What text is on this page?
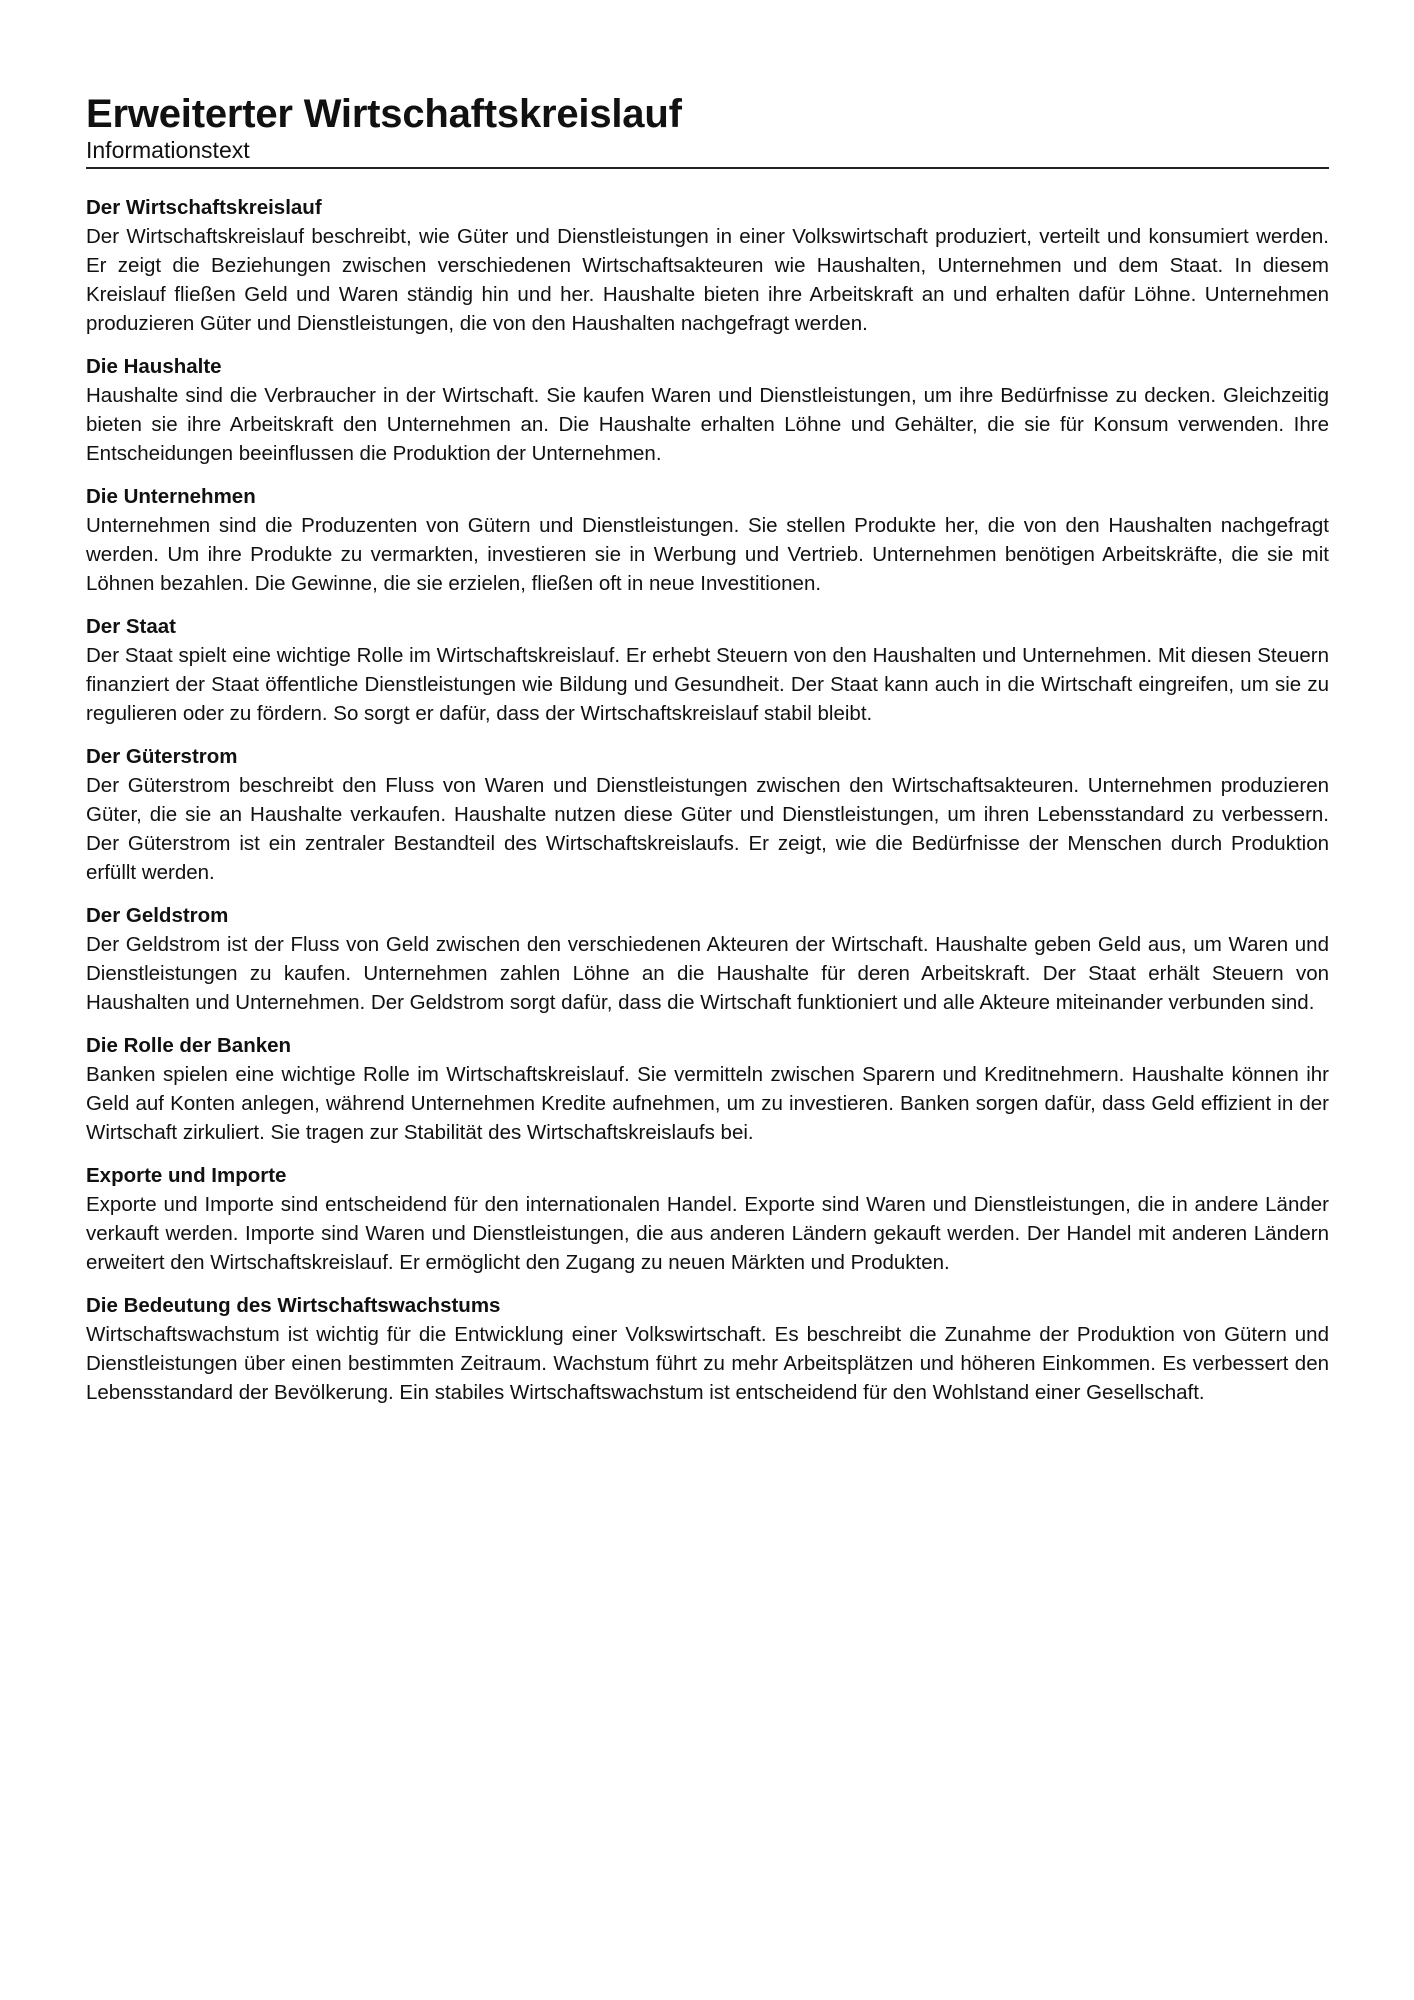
Erweiterter Wirtschaftskreislauf

Informationstext

Der Wirtschaftskreislauf

Der Wirtschaftskreislauf beschreibt, wie Güter und Dienstleistungen in einer Volkswirtschaft produziert, verteilt und konsumiert werden. Er zeigt die Beziehungen zwischen verschiedenen Wirtschaftsakteuren wie Haushalten, Unternehmen und dem Staat. In diesem Kreislauf fließen Geld und Waren ständig hin und her. Haushalte bieten ihre Arbeitskraft an und erhalten dafür Löhne. Unternehmen produzieren Güter und Dienstleistungen, die von den Haushalten nachgefragt werden.

Die Haushalte

Haushalte sind die Verbraucher in der Wirtschaft. Sie kaufen Waren und Dienstleistungen, um ihre Bedürfnisse zu decken. Gleichzeitig bieten sie ihre Arbeitskraft den Unternehmen an. Die Haushalte erhalten Löhne und Gehälter, die sie für Konsum verwenden. Ihre Entscheidungen beeinflussen die Produktion der Unternehmen.

Die Unternehmen

Unternehmen sind die Produzenten von Gütern und Dienstleistungen. Sie stellen Produkte her, die von den Haushalten nachgefragt werden. Um ihre Produkte zu vermarkten, investieren sie in Werbung und Vertrieb. Unternehmen benötigen Arbeitskräfte, die sie mit Löhnen bezahlen. Die Gewinne, die sie erzielen, fließen oft in neue Investitionen.

Der Staat

Der Staat spielt eine wichtige Rolle im Wirtschaftskreislauf. Er erhebt Steuern von den Haushalten und Unternehmen. Mit diesen Steuern finanziert der Staat öffentliche Dienstleistungen wie Bildung und Gesundheit. Der Staat kann auch in die Wirtschaft eingreifen, um sie zu regulieren oder zu fördern. So sorgt er dafür, dass der Wirtschaftskreislauf stabil bleibt.

Der Güterstrom

Der Güterstrom beschreibt den Fluss von Waren und Dienstleistungen zwischen den Wirtschaftsakteuren. Unternehmen produzieren Güter, die sie an Haushalte verkaufen. Haushalte nutzen diese Güter und Dienstleistungen, um ihren Lebensstandard zu verbessern. Der Güterstrom ist ein zentraler Bestandteil des Wirtschaftskreislaufs. Er zeigt, wie die Bedürfnisse der Menschen durch Produktion erfüllt werden.

Der Geldstrom

Der Geldstrom ist der Fluss von Geld zwischen den verschiedenen Akteuren der Wirtschaft. Haushalte geben Geld aus, um Waren und Dienstleistungen zu kaufen. Unternehmen zahlen Löhne an die Haushalte für deren Arbeitskraft. Der Staat erhält Steuern von Haushalten und Unternehmen. Der Geldstrom sorgt dafür, dass die Wirtschaft funktioniert und alle Akteure miteinander verbunden sind.

Die Rolle der Banken

Banken spielen eine wichtige Rolle im Wirtschaftskreislauf. Sie vermitteln zwischen Sparern und Kreditnehmern. Haushalte können ihr Geld auf Konten anlegen, während Unternehmen Kredite aufnehmen, um zu investieren. Banken sorgen dafür, dass Geld effizient in der Wirtschaft zirkuliert. Sie tragen zur Stabilität des Wirtschaftskreislaufs bei.

Exporte und Importe

Exporte und Importe sind entscheidend für den internationalen Handel. Exporte sind Waren und Dienstleistungen, die in andere Länder verkauft werden. Importe sind Waren und Dienstleistungen, die aus anderen Ländern gekauft werden. Der Handel mit anderen Ländern erweitert den Wirtschaftskreislauf. Er ermöglicht den Zugang zu neuen Märkten und Produkten.

Die Bedeutung des Wirtschaftswachstums

Wirtschaftswachstum ist wichtig für die Entwicklung einer Volkswirtschaft. Es beschreibt die Zunahme der Produktion von Gütern und Dienstleistungen über einen bestimmten Zeitraum. Wachstum führt zu mehr Arbeitsplätzen und höheren Einkommen. Es verbessert den Lebensstandard der Bevölkerung. Ein stabiles Wirtschaftswachstum ist entscheidend für den Wohlstand einer Gesellschaft.
